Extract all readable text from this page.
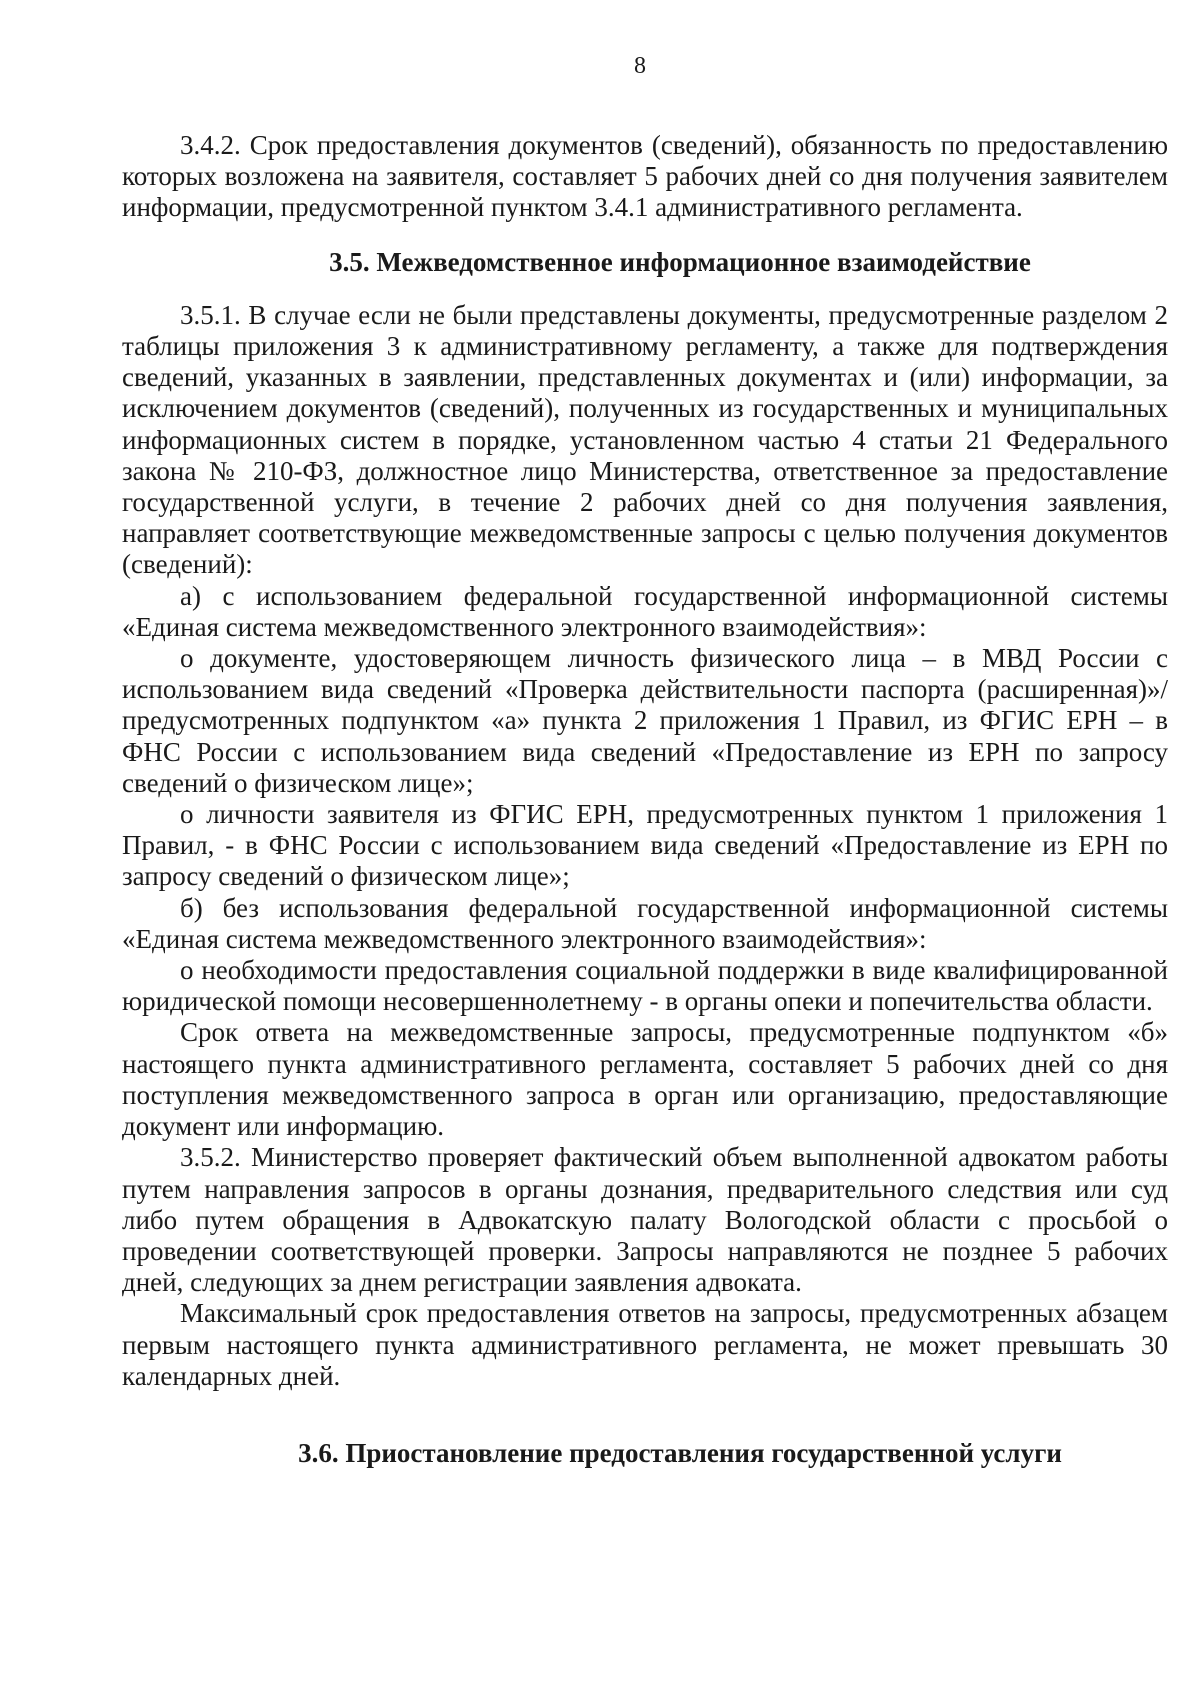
8

3.4.2. Срок предоставления документов (сведений), обязанность по предоставлению которых возложена на заявителя, составляет 5 рабочих дней со дня получения заявителем информации, предусмотренной пунктом 3.4.1 административного регламента.

3.5. Межведомственное информационное взаимодействие

3.5.1. В случае если не были представлены документы, предусмотренные разделом 2 таблицы приложения 3 к административному регламенту, а также для подтверждения сведений, указанных в заявлении, представленных документах и (или) информации, за исключением документов (сведений), полученных из государственных и муниципальных информационных систем в порядке, установленном частью 4 статьи 21 Федерального закона № 210-ФЗ, должностное лицо Министерства, ответственное за предоставление государственной услуги, в течение 2 рабочих дней со дня получения заявления, направляет соответствующие межведомственные запросы с целью получения документов (сведений):

а) с использованием федеральной государственной информационной системы «Единая система межведомственного электронного взаимодействия»:

о документе, удостоверяющем личность физического лица – в МВД России с использованием вида сведений «Проверка действительности паспорта (расширенная)»/предусмотренных подпунктом «а» пункта 2 приложения 1 Правил, из ФГИС ЕРН – в ФНС России с использованием вида сведений «Предоставление из ЕРН по запросу сведений о физическом лице»;

о личности заявителя из ФГИС ЕРН, предусмотренных пунктом 1 приложения 1 Правил, - в ФНС России с использованием вида сведений «Предоставление из ЕРН по запросу сведений о физическом лице»;

б) без использования федеральной государственной информационной системы «Единая система межведомственного электронного взаимодействия»:

о необходимости предоставления социальной поддержки в виде квалифицированной юридической помощи несовершеннолетнему - в органы опеки и попечительства области.

Срок ответа на межведомственные запросы, предусмотренные подпунктом «б» настоящего пункта административного регламента, составляет 5 рабочих дней со дня поступления межведомственного запроса в орган или организацию, предоставляющие документ или информацию.

3.5.2. Министерство проверяет фактический объем выполненной адвокатом работы путем направления запросов в органы дознания, предварительного следствия или суд либо путем обращения в Адвокатскую палату Вологодской области с просьбой о проведении соответствующей проверки. Запросы направляются не позднее 5 рабочих дней, следующих за днем регистрации заявления адвоката.

Максимальный срок предоставления ответов на запросы, предусмотренных абзацем первым настоящего пункта административного регламента, не может превышать 30 календарных дней.

3.6. Приостановление предоставления государственной услуги
